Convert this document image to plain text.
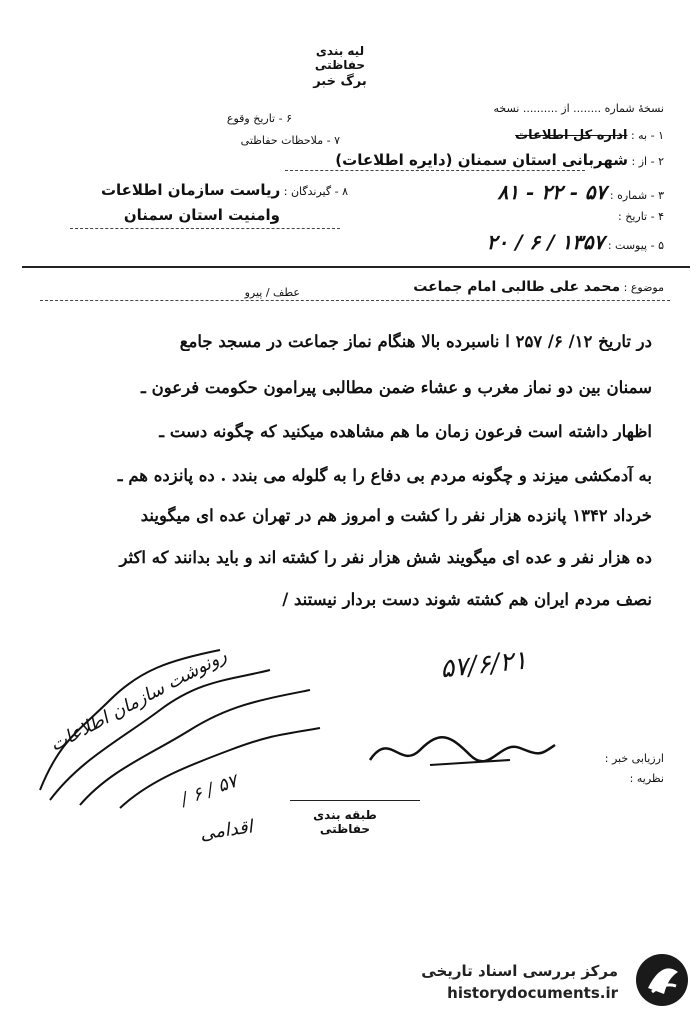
لیه بندی حفاظتی
برگ خبر
نسخهٔ شماره ........ از .......... نسخه
۱ - به : اداره کل اطلاعات
۲ - از : شهربانی استان سمنان (دایره اطلاعات)
۳ - شماره : ۵۷ - ۲۲ - ۸۱
۴ - تاریخ :
۵ - پیوست : ۱۳۵۷ / ۶ / ۲۰
۶ - تاریخ وقوع
۷ - ملاحظات حفاظتی
۸ - گیرندگان : ریاست سازمان اطلاعات
وامنیت استان سمنان
موضوع : محمد علی طالبی امام جماعت
عطف / پیرو
در تاریخ ۱۲/ ۶/ ۲۵۷ ا ناسبرده بالا هنگام نماز جماعت در مسجد جامع
سمنان بین دو نماز مغرب و عشاء ضمن مطالبی پیرامون حکومت فرعون ـ
اظهار داشته است فرعون زمان ما هم مشاهده میکنید که چگونه دست ـ
به آدمکشی میزند و چگونه مردم بی دفاع را به گلوله می بندد . ده پانزده هم ـ
خرداد ۱۳۴۲ پانزده هزار نفر را کشت و امروز هم در تهران عده ای میگویند
ده هزار نفر و عده ای میگویند شش هزار نفر را کشته اند و باید بدانند که اکثر
نصف مردم ایران هم کشته شوند دست بردار نیستند /
۵۷/۶/۲۱
رونوشت سازمان اطلاعات
۵۷ / ۶ /
اقدامی
ارزیابی خبر :
نظریه :
طبقه بندی حفاظتی
مرکز بررسی اسناد تاریخی
historydocuments.ir
